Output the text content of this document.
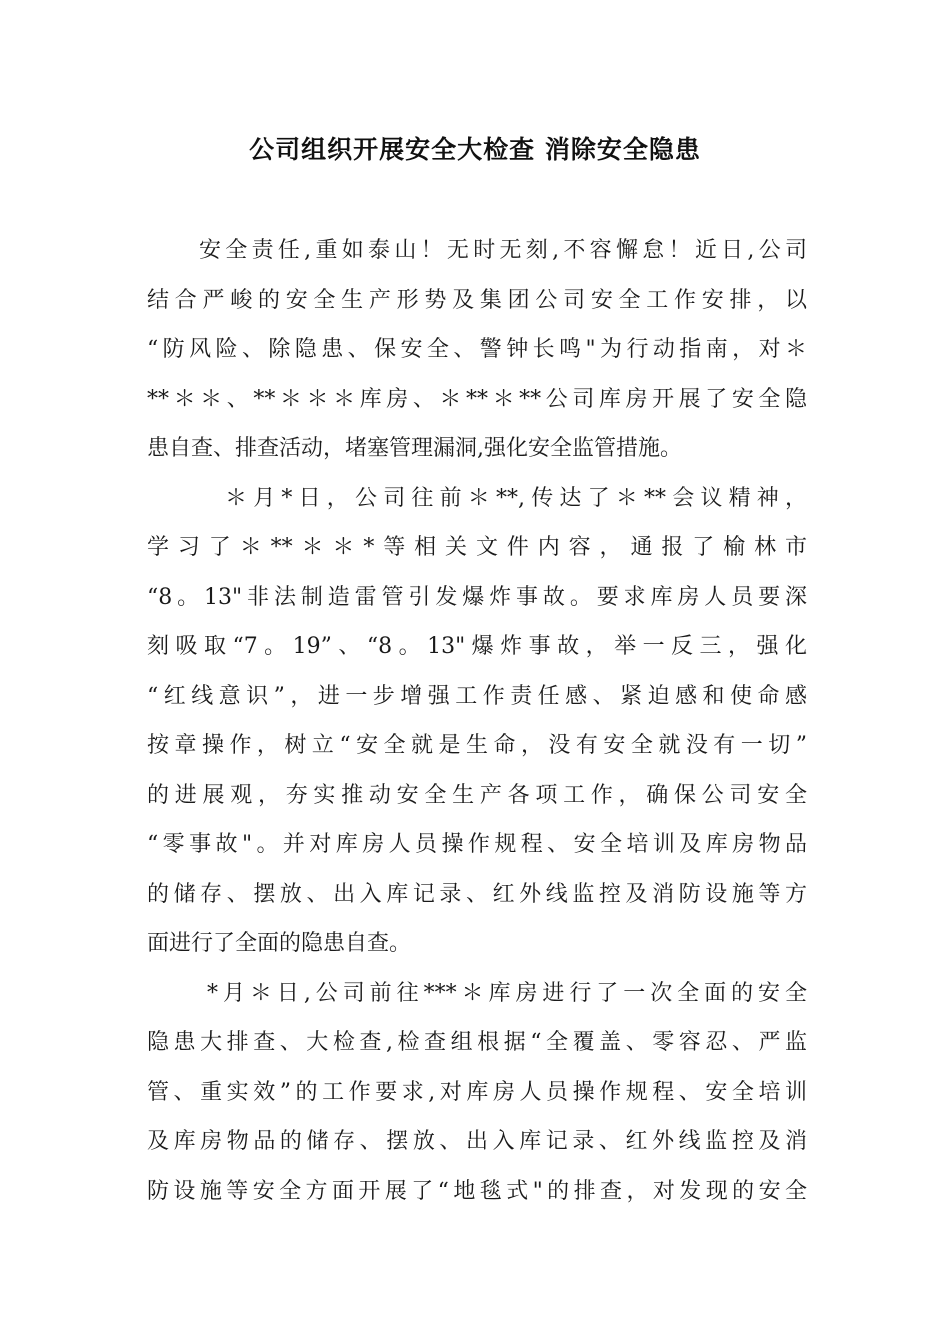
公司组织开展安全大检查 消除安全隐患
安全责任,重如泰山！无时无刻,不容懈怠！近日,公司
结合严峻的安全生产形势及集团公司安全工作安排，以
“防风险、除隐患、保安全、警钟长鸣"为行动指南，对＊
**＊＊、**＊＊＊库房、＊**＊**公司库房开展了安全隐
患自查、排查活动，堵塞管理漏洞,强化安全监管措施。
＊月*日，公司往前＊**,传达了＊**会议精神，
学习了＊**＊＊*等相关文件内容，通报了榆林市
“8。13"非法制造雷管引发爆炸事故。要求库房人员要深
刻吸取“7。19”、“8。13"爆炸事故，举一反三，强化
“红线意识”，进一步增强工作责任感、紧迫感和使命感
按章操作，树立“安全就是生命，没有安全就没有一切”
的进展观，夯实推动安全生产各项工作，确保公司安全
“零事故"。并对库房人员操作规程、安全培训及库房物品
的储存、摆放、出入库记录、红外线监控及消防设施等方
面进行了全面的隐患自查。
*月＊日,公司前往***＊库房进行了一次全面的安全
隐患大排查、大检查,检查组根据“全覆盖、零容忍、严监
管、重实效”的工作要求,对库房人员操作规程、安全培训
及库房物品的储存、摆放、出入库记录、红外线监控及消
防设施等安全方面开展了“地毯式"的排查，对发现的安全
